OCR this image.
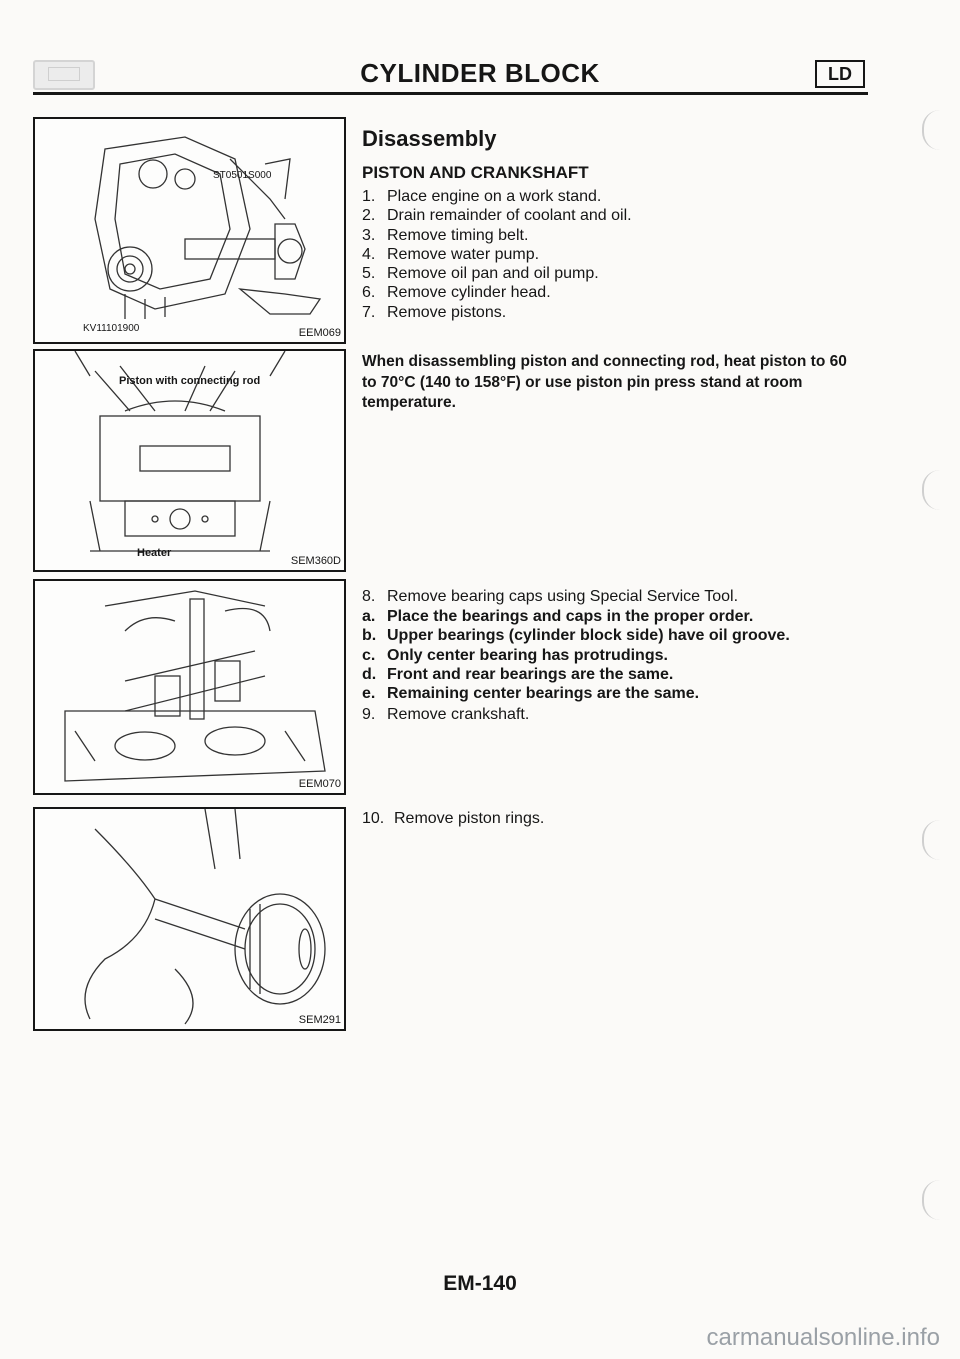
CYLINDER BLOCK	LD
ST0501S000
KV11101900	EEM069
Piston with connecting rod
Heater
SEM360D
EEM070
SEM291
Disassembly
PISTON AND CRANKSHAFT
1. Place engine on a work stand.
2. Drain remainder of coolant and oil.
3. Remove timing belt.
4. Remove water pump.
5. Remove oil pan and oil pump.
6. Remove cylinder head.
7. Remove pistons.
When disassembling piston and connecting rod, heat piston to 60 to 70°C (140 to 158°F) or use piston pin press stand at room temperature.
8. Remove bearing caps using Special Service Tool.
a. Place the bearings and caps in the proper order.
b. Upper bearings (cylinder block side) have oil groove.
c. Only center bearing has protrudings.
d. Front and rear bearings are the same.
e. Remaining center bearings are the same.
9. Remove crankshaft.
10. Remove piston rings.
EM-140
carmanualsonline.info
